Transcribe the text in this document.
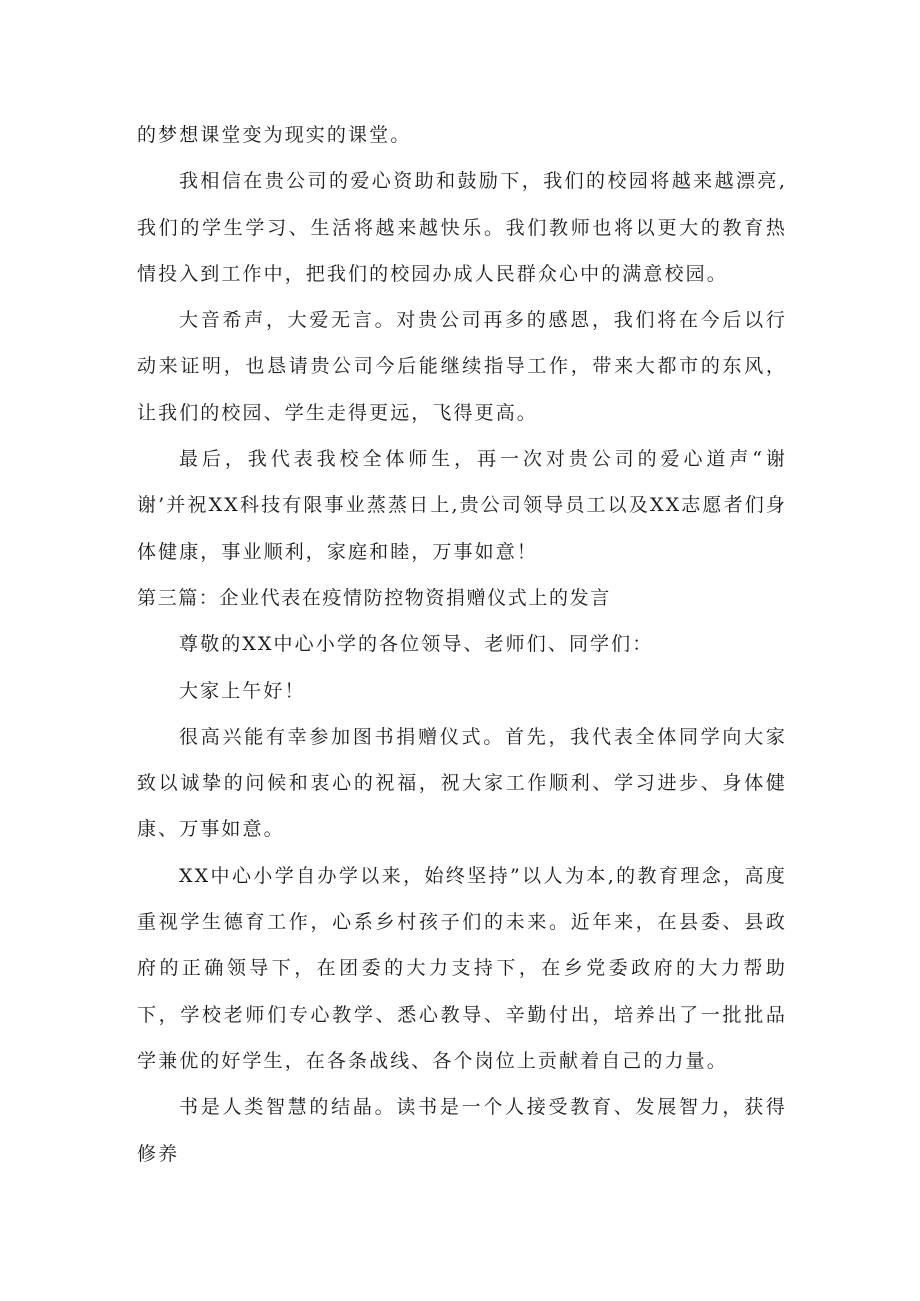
的梦想课堂变为现实的课堂。

我相信在贵公司的爱心资助和鼓励下，我们的校园将越来越漂亮,我们的学生学习、生活将越来越快乐。我们教师也将以更大的教育热情投入到工作中，把我们的校园办成人民群众心中的满意校园。

大音希声，大爱无言。对贵公司再多的感恩，我们将在今后以行动来证明，也恳请贵公司今后能继续指导工作，带来大都市的东风，让我们的校园、学生走得更远，飞得更高。

最后，我代表我校全体师生，再一次对贵公司的爱心道声“谢谢’并祝XX科技有限事业蒸蒸日上,贵公司领导员工以及XX志愿者们身体健康，事业顺利，家庭和睦，万事如意！

第三篇：企业代表在疫情防控物资捐赠仪式上的发言

尊敬的XX中心小学的各位领导、老师们、同学们：

大家上午好！

很高兴能有幸参加图书捐赠仪式。首先，我代表全体同学向大家致以诚挚的问候和衷心的祝福，祝大家工作顺利、学习进步、身体健康、万事如意。

XX中心小学自办学以来，始终坚持”以人为本,的教育理念，高度重视学生德育工作，心系乡村孩子们的未来。近年来，在县委、县政府的正确领导下，在团委的大力支持下，在乡党委政府的大力帮助下，学校老师们专心教学、悉心教导、辛勤付出，培养出了一批批品学兼优的好学生，在各条战线、各个岗位上贡献着自己的力量。

书是人类智慧的结晶。读书是一个人接受教育、发展智力，获得修养
